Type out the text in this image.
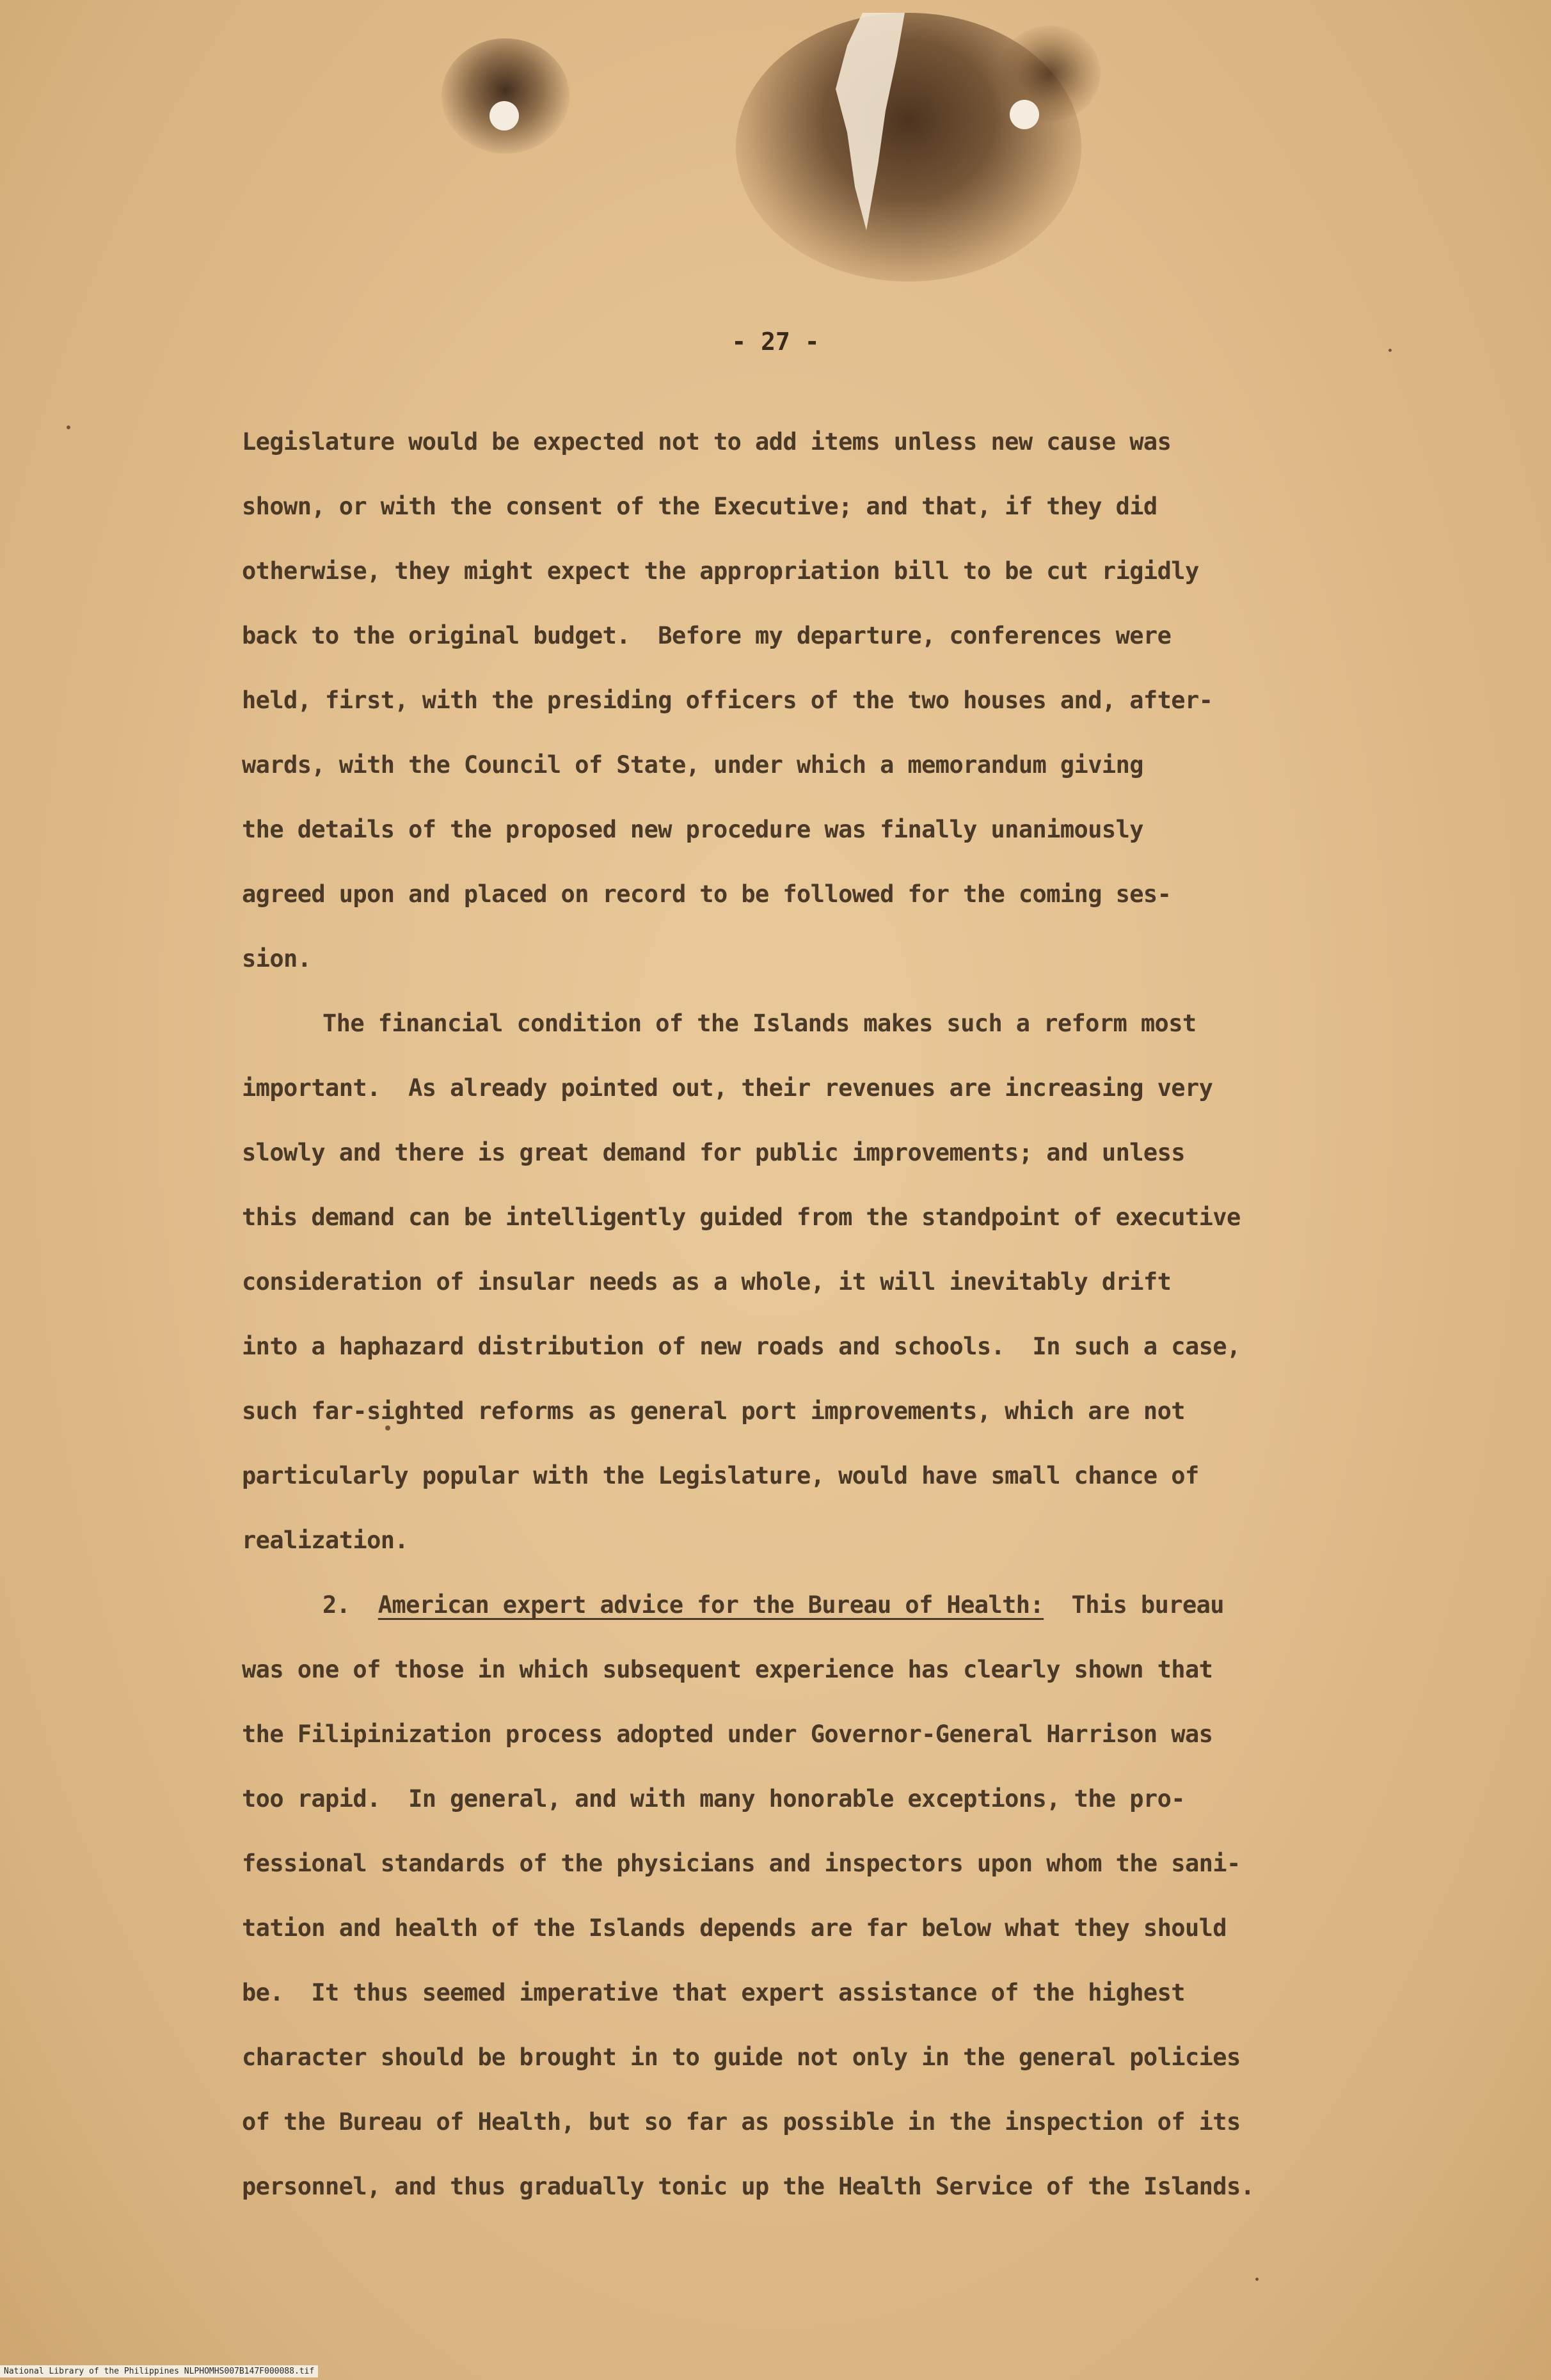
- 27 -
Legislature would be expected not to add items unless new cause was
shown, or with the consent of the Executive; and that, if they did
otherwise, they might expect the appropriation bill to be cut rigidly
back to the original budget.  Before my departure, conferences were
held, first, with the presiding officers of the two houses and, after-
wards, with the Council of State, under which a memorandum giving
the details of the proposed new procedure was finally unanimously
agreed upon and placed on record to be followed for the coming ses-
sion.
The financial condition of the Islands makes such a reform most
important.  As already pointed out, their revenues are increasing very
slowly and there is great demand for public improvements; and unless
this demand can be intelligently guided from the standpoint of executive
consideration of insular needs as a whole, it will inevitably drift
into a haphazard distribution of new roads and schools.  In such a case,
such far-sighted reforms as general port improvements, which are not
particularly popular with the Legislature, would have small chance of
realization.
2. American expert advice for the Bureau of Health: This bureau
was one of those in which subsequent experience has clearly shown that
the Filipinization process adopted under Governor-General Harrison was
too rapid.  In general, and with many honorable exceptions, the pro-
fessional standards of the physicians and inspectors upon whom the sani-
tation and health of the Islands depends are far below what they should
be.  It thus seemed imperative that expert assistance of the highest
character should be brought in to guide not only in the general policies
of the Bureau of Health, but so far as possible in the inspection of its
personnel, and thus gradually tonic up the Health Service of the Islands.
National Library of the Philippines NLPHOMHS007B147F000088.tif
